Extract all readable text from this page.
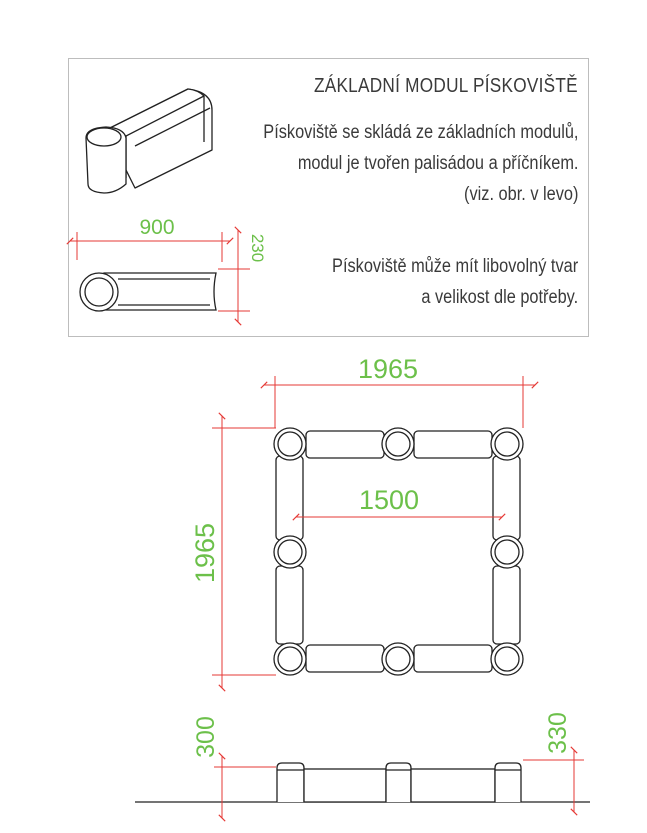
ZÁKLADNÍ MODUL PÍSKOVIŠTĚ
Pískoviště se skládá ze základních modulů,
modul je tvořen palisádou a příčníkem.
(viz. obr. v levo)
Pískoviště může mít libovolný tvar
a velikost dle potřeby.
900
230
1965
1500
1965
300	330
